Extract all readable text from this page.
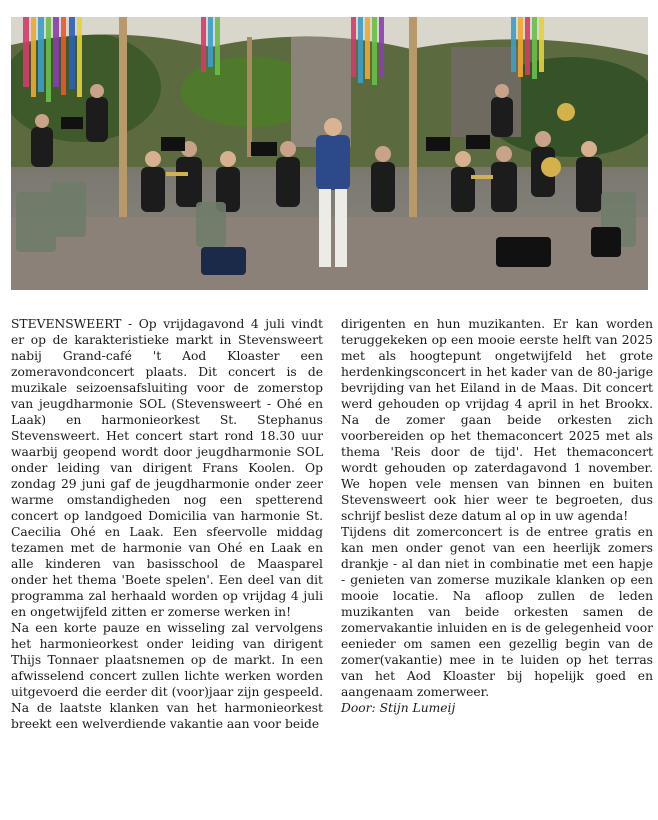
STEVENSWEERT - Op vrijdagavond 4 juli vindt er op de karakteristieke markt in Stevensweert nabij Grand-café 't Aod Kloaster een zomeravondconcert plaats. Dit concert is de muzikale seizoensafsluiting voor de zomerstop van jeugdharmonie SOL (Stevensweert - Ohé en Laak) en harmonieorkest St. Stephanus Stevensweert. Het concert start rond 18.30 uur waarbij geopend wordt door jeugdharmonie SOL onder leiding van dirigent Frans Koolen. Op zondag 29 juni gaf de jeugdharmonie onder zeer warme omstandigheden nog een spetterend concert op landgoed Domicilia van harmonie St. Caecilia Ohé en Laak. Een sfeervolle middag tezamen met de harmonie van Ohé en Laak en alle kinderen van basisschool de Maasparel onder het thema 'Boete spelen'. Een deel van dit programma zal herhaald worden op vrijdag 4 juli en ongetwijfeld zitten er zomerse werken in!

Na een korte pauze en wisseling zal vervolgens het harmonieorkest onder leiding van dirigent Thijs Tonnaer plaatsnemen op de markt. In een afwisselend concert zullen lichte werken worden uitgevoerd die eerder dit (voor)jaar zijn gespeeld. Na de laatste klanken van het harmonieorkest breekt een welverdiende vakantie aan voor beide

dirigenten en hun muzikanten. Er kan worden teruggekeken op een mooie eerste helft van 2025 met als hoogtepunt ongetwijfeld het grote herdenkingsconcert in het kader van de 80-jarige bevrijding van het Eiland in de Maas. Dit concert werd gehouden op vrijdag 4 april in het Brookx. Na de zomer gaan beide orkesten zich voorbereiden op het themaconcert 2025 met als thema 'Reis door de tijd'. Het themaconcert wordt gehouden op zaterdagavond 1 november. We hopen vele mensen van binnen en buiten Stevensweert ook hier weer te begroeten, dus schrijf beslist deze datum al op in uw agenda!

Tijdens dit zomerconcert is de entree gratis en kan men onder genot van een heerlijk zomers drankje - al dan niet in combinatie met een hapje - genieten van zomerse muzikale klanken op een mooie locatie. Na afloop zullen de leden muzikanten van beide orkesten samen de zomervakantie inluiden en is de gelegenheid voor eenieder om samen een gezellig begin van de zomer(vakantie) mee in te luiden op het terras van het Aod Kloaster bij hopelijk goed en aangenaam zomerweer.

Door: Stijn Lumeij
